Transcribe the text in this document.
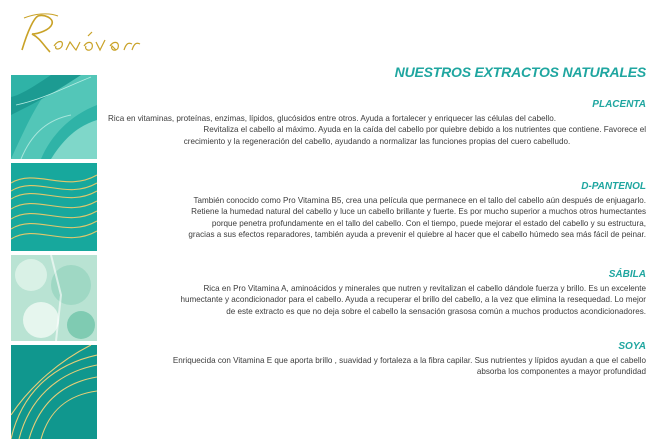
NUESTROS EXTRACTOS NATURALES
PLACENTA
Rica en vitaminas, proteínas, enzimas, lípidos, glucósidos entre otros. Ayuda a fortalecer y enriquecer las células del cabello.
Revitaliza el cabello al máximo. Ayuda en la caída del cabello por quiebre debido a los nutrientes que contiene. Favorece el
crecimiento y la regeneración del cabello, ayudando a normalizar las funciones propias del cuero cabelludo.
D-PANTENOL
También conocido como Pro Vitamina B5, crea una película que permanece en el tallo del cabello aún después de enjuagarlo.
Retiene la humedad natural del cabello y luce un cabello brillante y fuerte. Es por mucho superior a muchos otros humectantes
porque penetra profundamente en el tallo del cabello. Con el tiempo, puede mejorar el estado del cabello y su estructura,
gracias a sus efectos reparadores, también ayuda a prevenir el quiebre al hacer que el cabello húmedo sea más fácil de peinar.
SÁBILA
Rica en Pro Vitamina A, aminoácidos y minerales que nutren y revitalizan el cabello dándole fuerza y brillo. Es un excelente
humectante y acondicionador para el cabello. Ayuda a recuperar el brillo del cabello, a la vez que elimina la resequedad. Lo mejor
de este extracto es que no deja sobre el cabello la sensación grasosa común a muchos productos acondicionadores.
SOYA
Enriquecida con Vitamina E que aporta brillo , suavidad y fortaleza a la fibra capilar. Sus nutrientes y lípidos ayudan a que el cabello
absorba los componentes a mayor profundidad
